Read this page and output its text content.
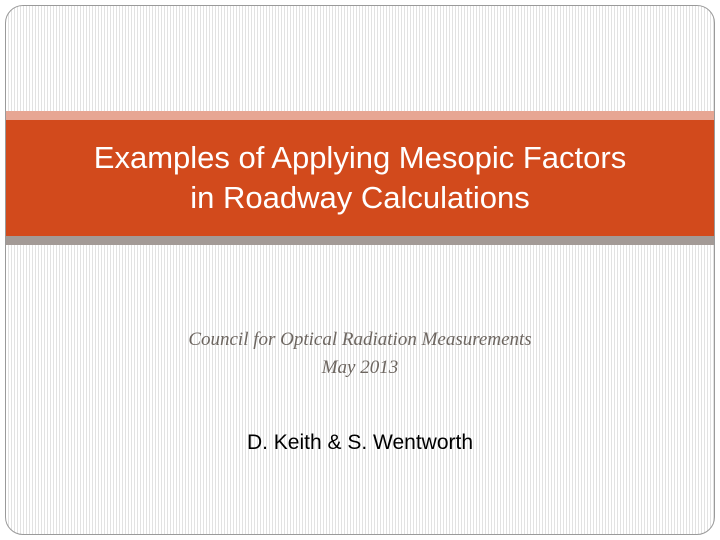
Examples of Applying Mesopic Factors
in Roadway Calculations
Council for Optical Radiation Measurements
May 2013
D. Keith & S. Wentworth
